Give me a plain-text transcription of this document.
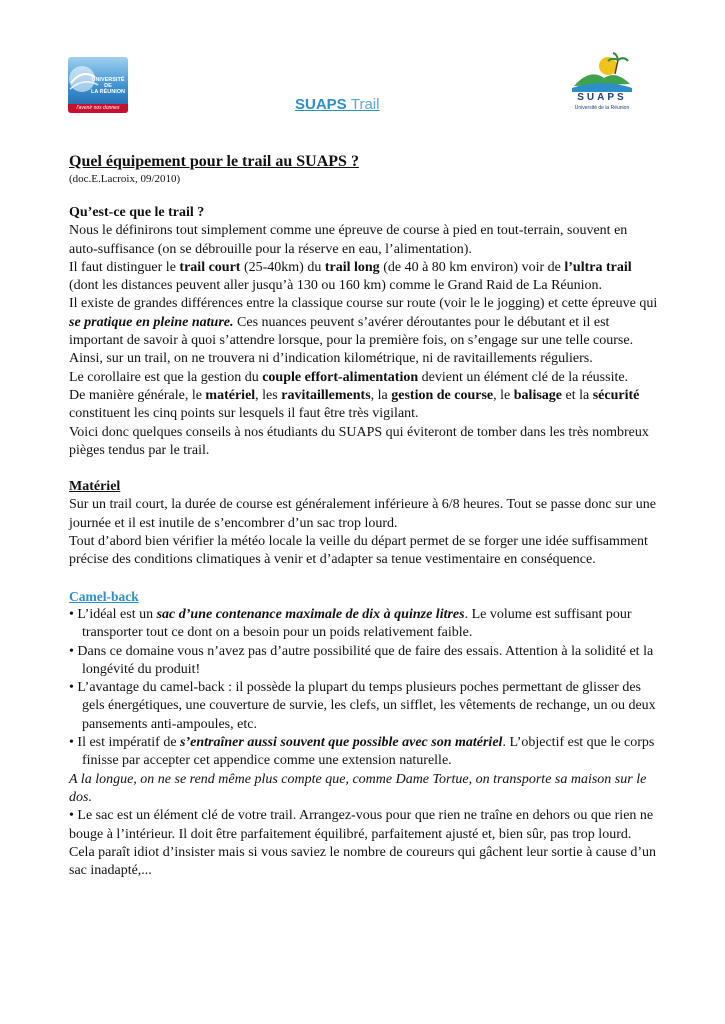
UNIVERSITÉ DE
LA RÉUNION
l'avenir nos donnes
SUAPS
Université de la Réunion
SUAPS Trail

Quel équipement pour le trail au SUAPS ?

(doc.E.Lacroix, 09/2010)

Qu’est-ce que le trail ?

Nous le définirons tout simplement comme une épreuve de course à pied en tout-terrain, souvent en auto-suffisance (on se débrouille pour la réserve en eau, l’alimentation).

Il faut distinguer le trail court (25-40km) du trail long (de 40 à 80 km environ) voir de l’ultra trail (dont les distances peuvent aller jusqu’à 130 ou 160 km) comme le Grand Raid de La Réunion.

Il existe de grandes différences entre la classique course sur route (voir le le jogging) et cette épreuve qui se pratique en pleine nature. Ces nuances peuvent s’avérer déroutantes pour le débutant et il est important de savoir à quoi s’attendre lorsque, pour la première fois, on s’engage sur une telle course.

Ainsi, sur un trail, on ne trouvera ni d’indication kilométrique, ni de ravitaillements réguliers.

Le corollaire est que la gestion du couple effort-alimentation devient un élément clé de la réussite.

De manière générale, le matériel, les ravitaillements, la gestion de course, le balisage et la sécurité constituent les cinq points sur lesquels il faut être très vigilant.

Voici donc quelques conseils à nos étudiants du SUAPS qui éviteront de tomber dans les très nombreux pièges tendus par le trail.

Matériel

Sur un trail court, la durée de course est généralement inférieure à 6/8 heures. Tout se passe donc sur une journée et il est inutile de s’encombrer d’un sac trop lourd.

Tout d’abord bien vérifier la météo locale la veille du départ permet de se forger une idée suffisamment précise des conditions climatiques à venir et d’adapter sa tenue vestimentaire en conséquence.

Camel-back

• L’idéal est un sac d’une contenance maximale de dix à quinze litres. Le volume est suffisant pour transporter tout ce dont on a besoin pour un poids relativement faible.

• Dans ce domaine vous n’avez pas d’autre possibilité que de faire des essais. Attention à la solidité et la longévité du produit!

• L’avantage du camel-back : il possède la plupart du temps plusieurs poches permettant de glisser des gels énergétiques, une couverture de survie, les clefs, un sifflet, les vêtements de rechange, un ou deux pansements anti-ampoules, etc.

• Il est impératif de s’entraîner aussi souvent que possible avec son matériel. L’objectif est que le corps finisse par accepter cet appendice comme une extension naturelle.

A la longue, on ne se rend même plus compte que, comme Dame Tortue, on transporte sa maison sur le dos.

• Le sac est un élément clé de votre trail. Arrangez-vous pour que rien ne traîne en dehors ou que rien ne bouge à l’intérieur. Il doit être parfaitement équilibré, parfaitement ajusté et, bien sûr, pas trop lourd. Cela paraît idiot d’insister mais si vous saviez le nombre de coureurs qui gâchent leur sortie à cause d’un sac inadapté,...
